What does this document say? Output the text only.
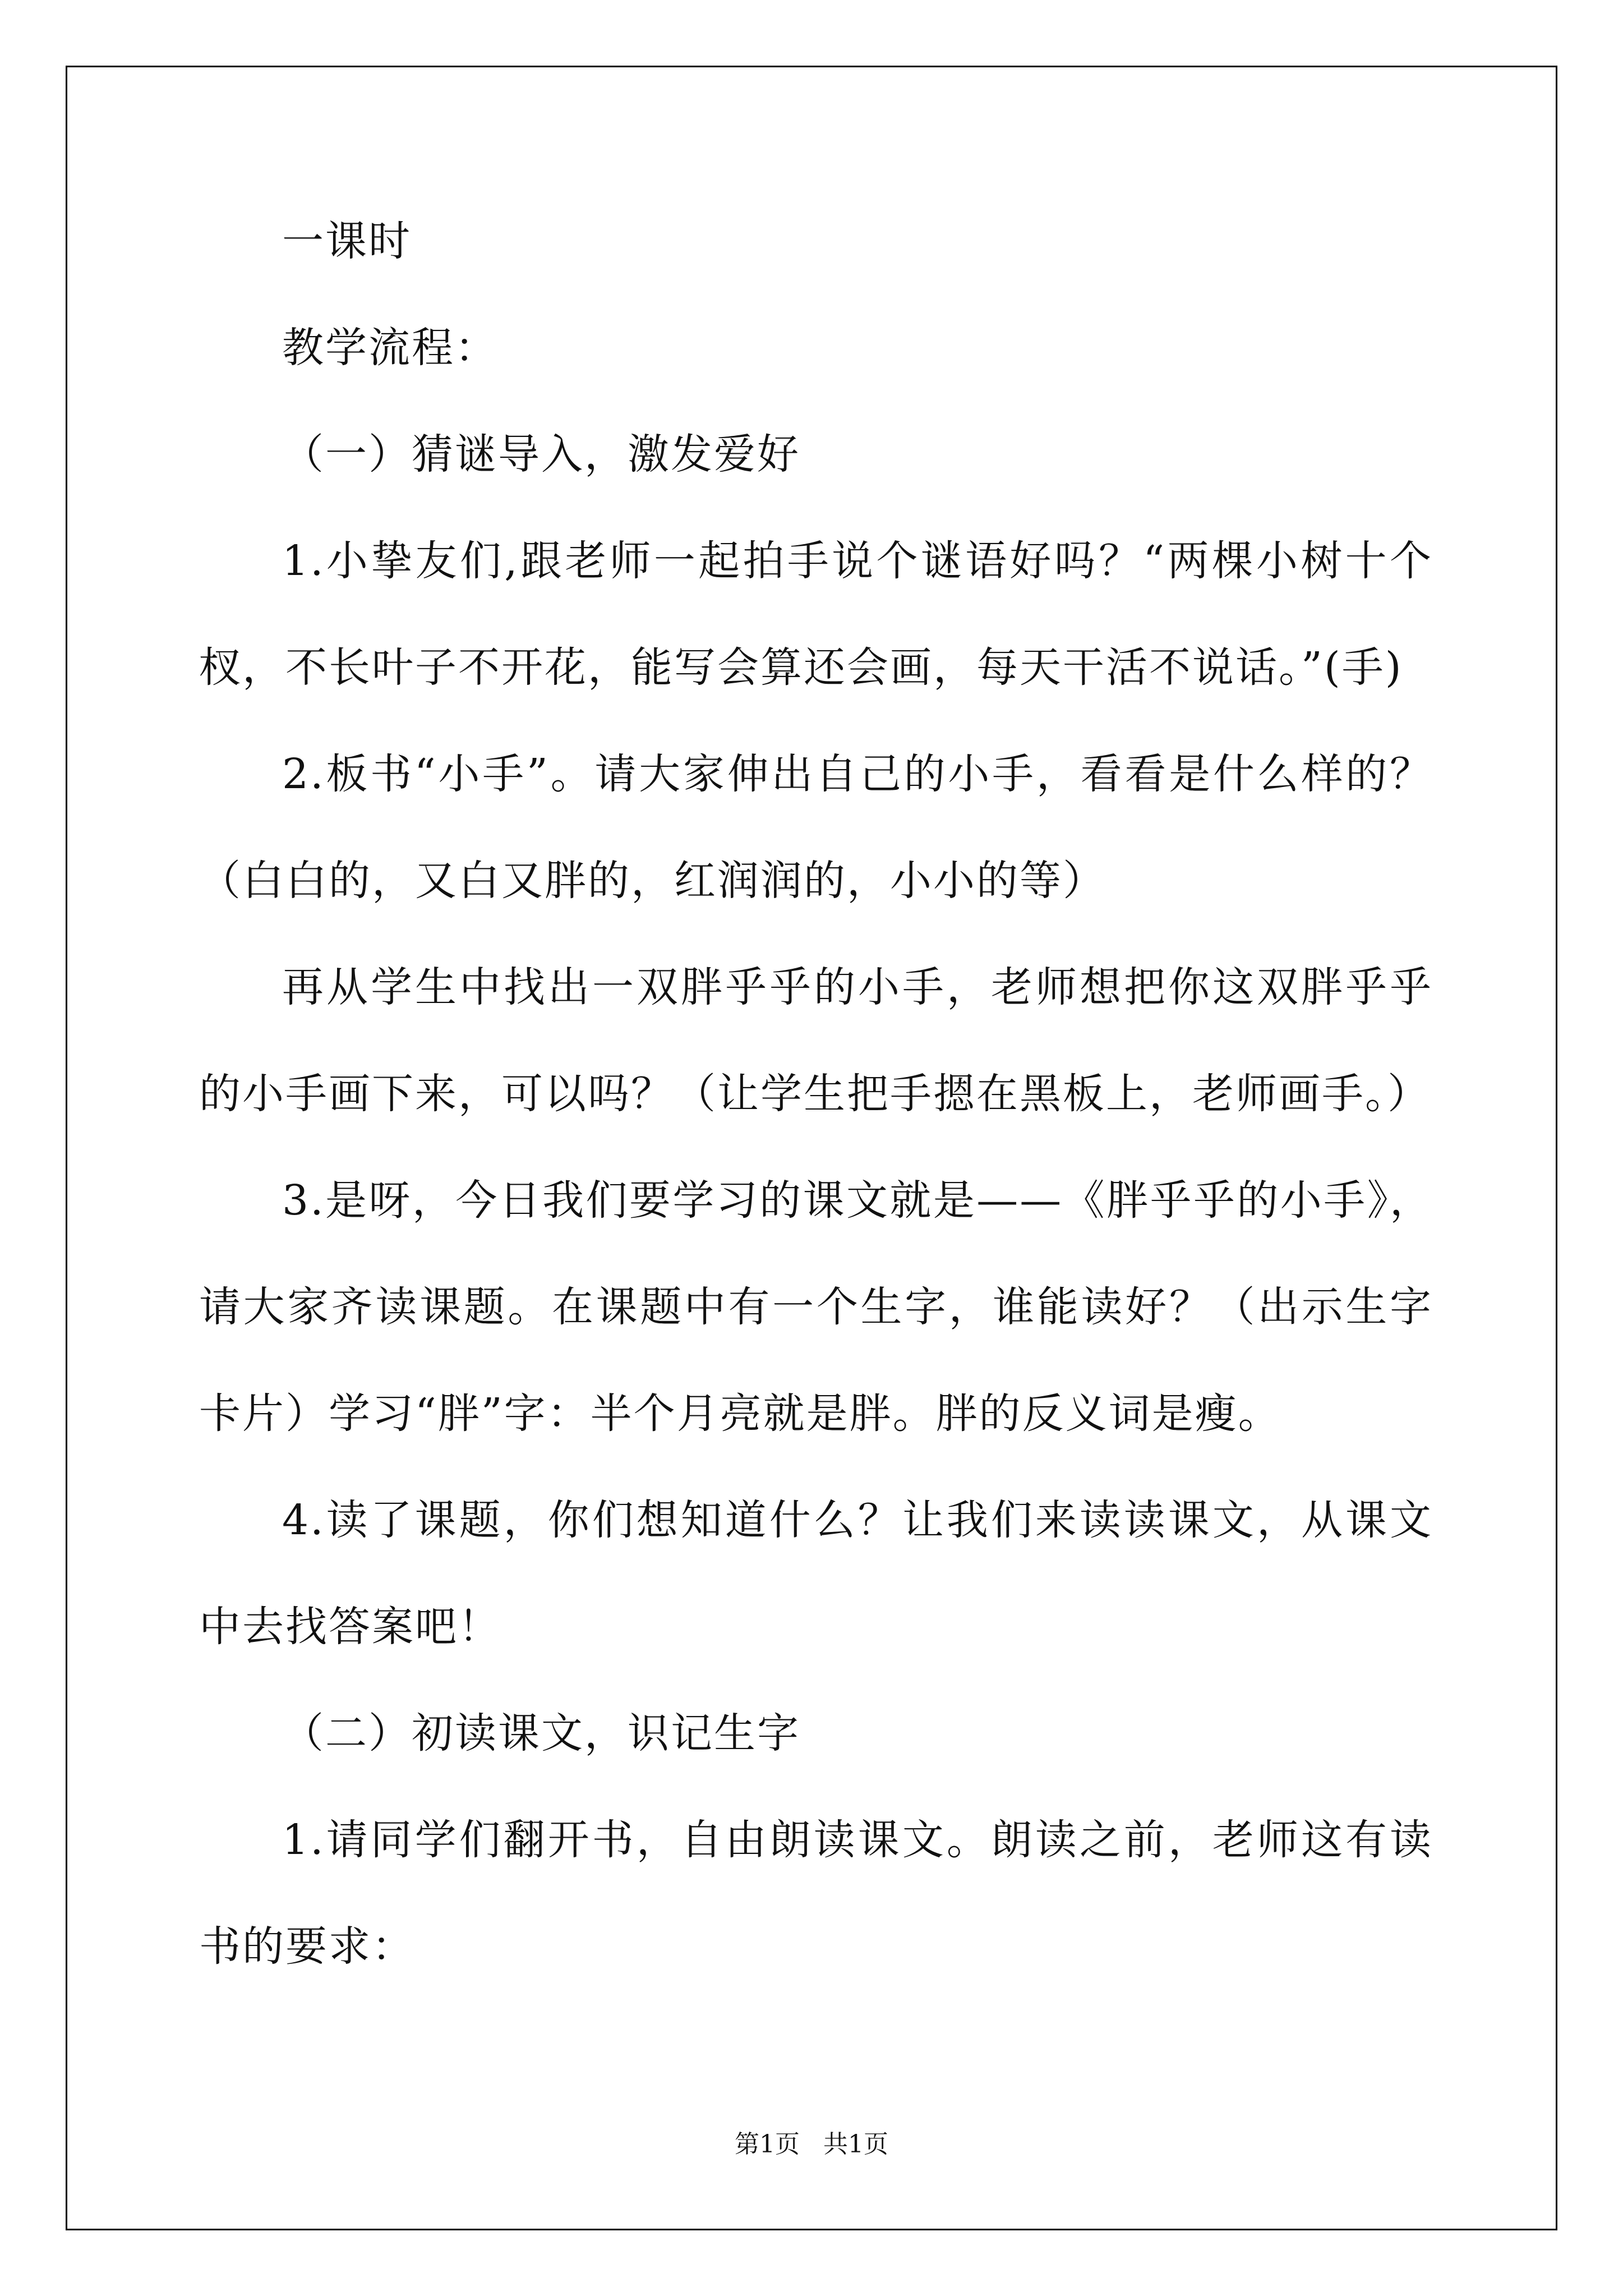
一课时

教学流程：

（一）猜谜导入，激发爱好

1.小挚友们,跟老师一起拍手说个谜语好吗？“两棵小树十个杈，不长叶子不开花，能写会算还会画，每天干活不说话。”(手)

2.板书“小手”。请大家伸出自己的小手，看看是什么样的？（白白的，又白又胖的，红润润的，小小的等）

再从学生中找出一双胖乎乎的小手，老师想把你这双胖乎乎的小手画下来，可以吗？（让学生把手摁在黑板上，老师画手。）

3.是呀，今日我们要学习的课文就是——《胖乎乎的小手》，请大家齐读课题。在课题中有一个生字，谁能读好？（出示生字卡片）学习“胖”字：半个月亮就是胖。胖的反义词是瘦。

4.读了课题，你们想知道什么？让我们来读读课文，从课文中去找答案吧！

（二）初读课文，识记生字

1.请同学们翻开书，自由朗读课文。朗读之前，老师这有读书的要求：

第1页   共1页
